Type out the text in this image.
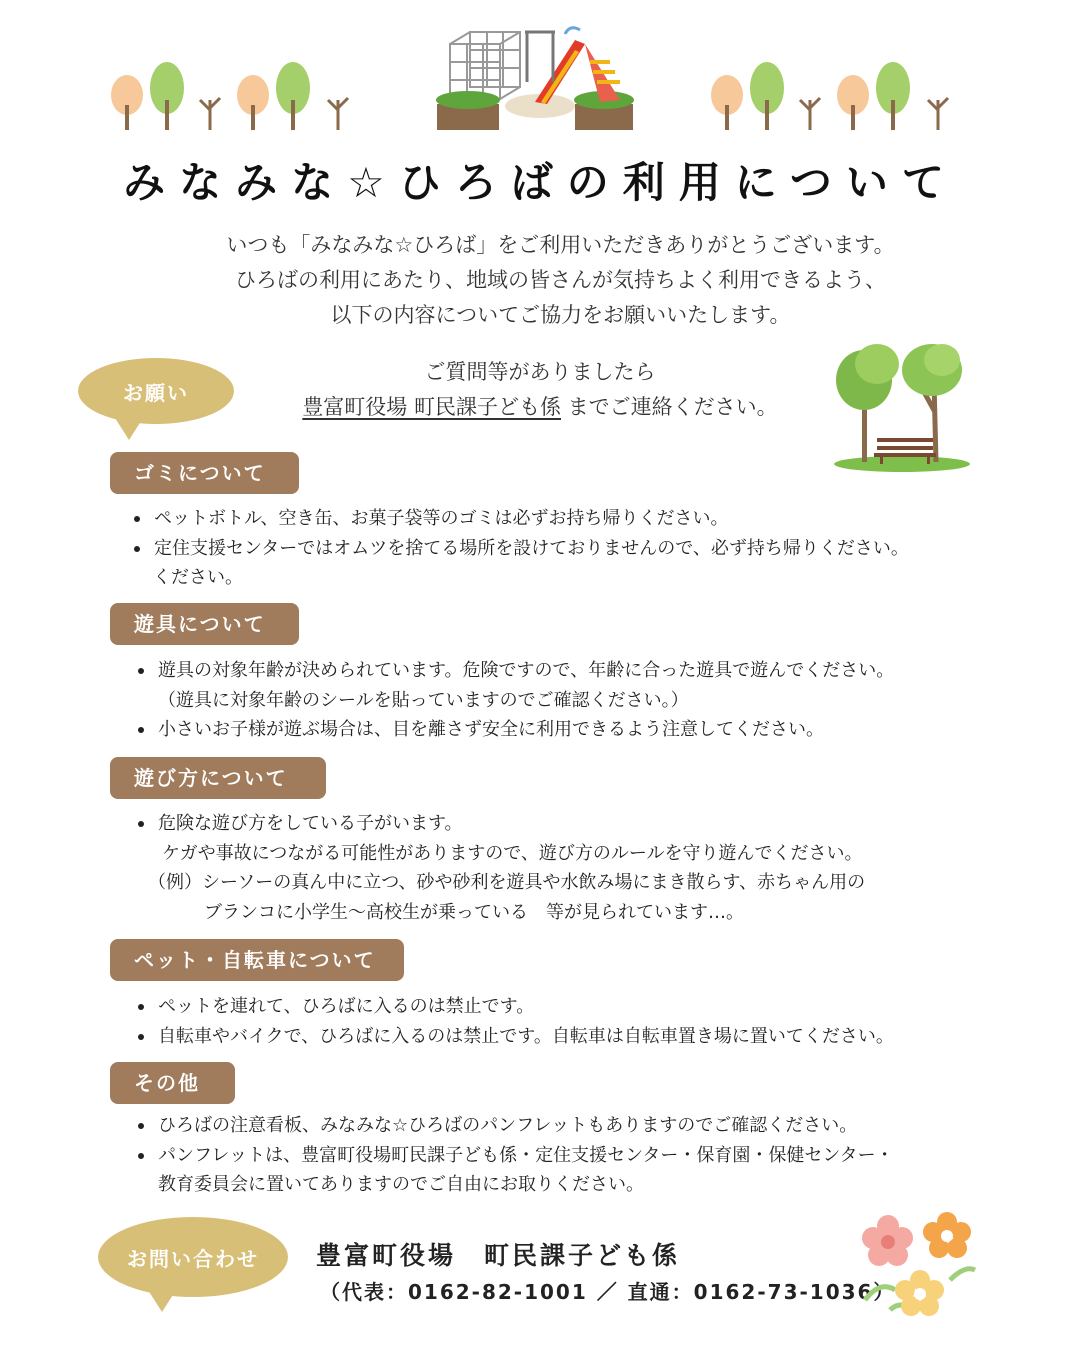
みなみな☆ひろばの利用について
いつも「みなみな☆ひろば」をご利用いただきありがとうございます。
ひろばの利用にあたり、地域の皆さんが気持ちよく利用できるよう、
以下の内容についてご協力をお願いいたします。
お願い
ご質問等がありましたら
豊富町役場 町民課子ども係 までご連絡ください。
ゴミについて
ペットボトル、空き缶、お菓子袋等のゴミは必ずお持ち帰りください。
定住支援センターではオムツを捨てる場所を設けておりませんので、必ず持ち帰りください。
ください。
遊具について
遊具の対象年齢が決められています。危険ですので、年齢に合った遊具で遊んでください。
（遊具に対象年齢のシールを貼っていますのでご確認ください。）
小さいお子様が遊ぶ場合は、目を離さず安全に利用できるよう注意してください。
遊び方について
危険な遊び方をしている子がいます。
ケガや事故につながる可能性がありますので、遊び方のルールを守り遊んでください。
（例）シーソーの真ん中に立つ、砂や砂利を遊具や水飲み場にまき散らす、赤ちゃん用の
ブランコに小学生～高校生が乗っている　等が見られています…。
ペット・自転車について
ペットを連れて、ひろばに入るのは禁止です。
自転車やバイクで、ひろばに入るのは禁止です。自転車は自転車置き場に置いてください。
その他
ひろばの注意看板、みなみな☆ひろばのパンフレットもありますのでご確認ください。
パンフレットは、豊富町役場町民課子ども係・定住支援センター・保育園・保健センター・
教育委員会に置いてありますのでご自由にお取りください。
お問い合わせ 豊富町役場　町民課子ども係
（代表：0162-82-1001 ／ 直通：0162-73-1036）
